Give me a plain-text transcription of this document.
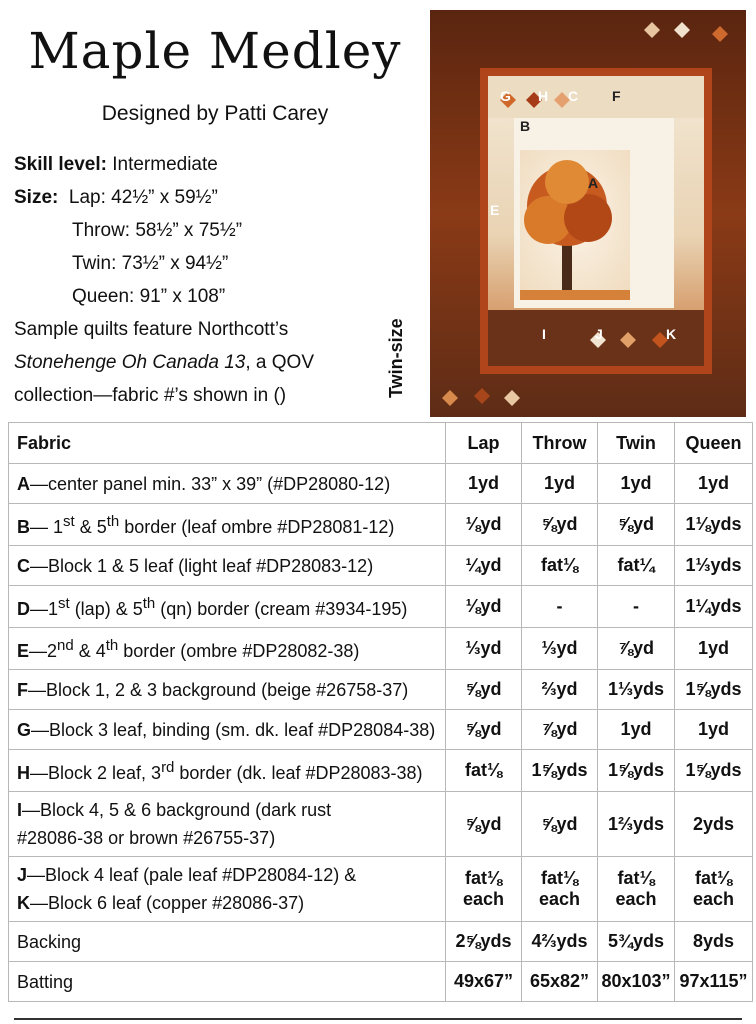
Maple Medley
Designed by Patti Carey
Skill level: Intermediate
Size: Lap: 42½” x 59½”
Throw: 58½” x 75½”
Twin: 73½” x 94½”
Queen: 91” x 108”
Sample quilts feature Northcott’s
Stonehenge Oh Canada 13, a QOV
collection—fabric #’s shown in ()	Twin-size
A
B
C
E
F
G H
I	J	K
Fabric	Lap	Throw	Twin	Queen
A—center panel min. 33” x 39” (#DP28080-12)	1yd	1yd	1yd	1yd
B— 1st & 5th border (leaf ombre #DP28081-12)	⅛yd	⅝yd	⅝yd	1⅛yds
C—Block 1 & 5 leaf (light leaf #DP28083-12)	¼yd	fat⅛	fat¼	1⅓yds
D—1st (lap) & 5th (qn) border (cream #3934-195)	⅛yd	-	-	1¼yds
E—2nd & 4th border (ombre #DP28082-38)	⅓yd	⅓yd	⅞yd	1yd
F—Block 1, 2 & 3 background (beige #26758-37)	⅝yd	⅔yd	1⅓yds	1⅝yds
G—Block 3 leaf, binding (sm. dk. leaf #DP28084-38)	⅝yd	⅞yd	1yd	1yd
H—Block 2 leaf, 3rd border (dk. leaf #DP28083-38)	fat⅛	1⅝yds	1⅝yds	1⅝yds
I—Block 4, 5 & 6 background (dark rust
#28086-38 or brown #26755-37)	⅝yd	⅝yd	1⅔yds	2yds
J—Block 4 leaf (pale leaf #DP28084-12) &
K—Block 6 leaf (copper #28086-37)	fat⅛ each	fat⅛ each	fat⅛ each	fat⅛ each
Backing	2⅝yds	4⅔yds	5¾yds	8yds
Batting	49x67”	65x82”	80x103”	97x115”
